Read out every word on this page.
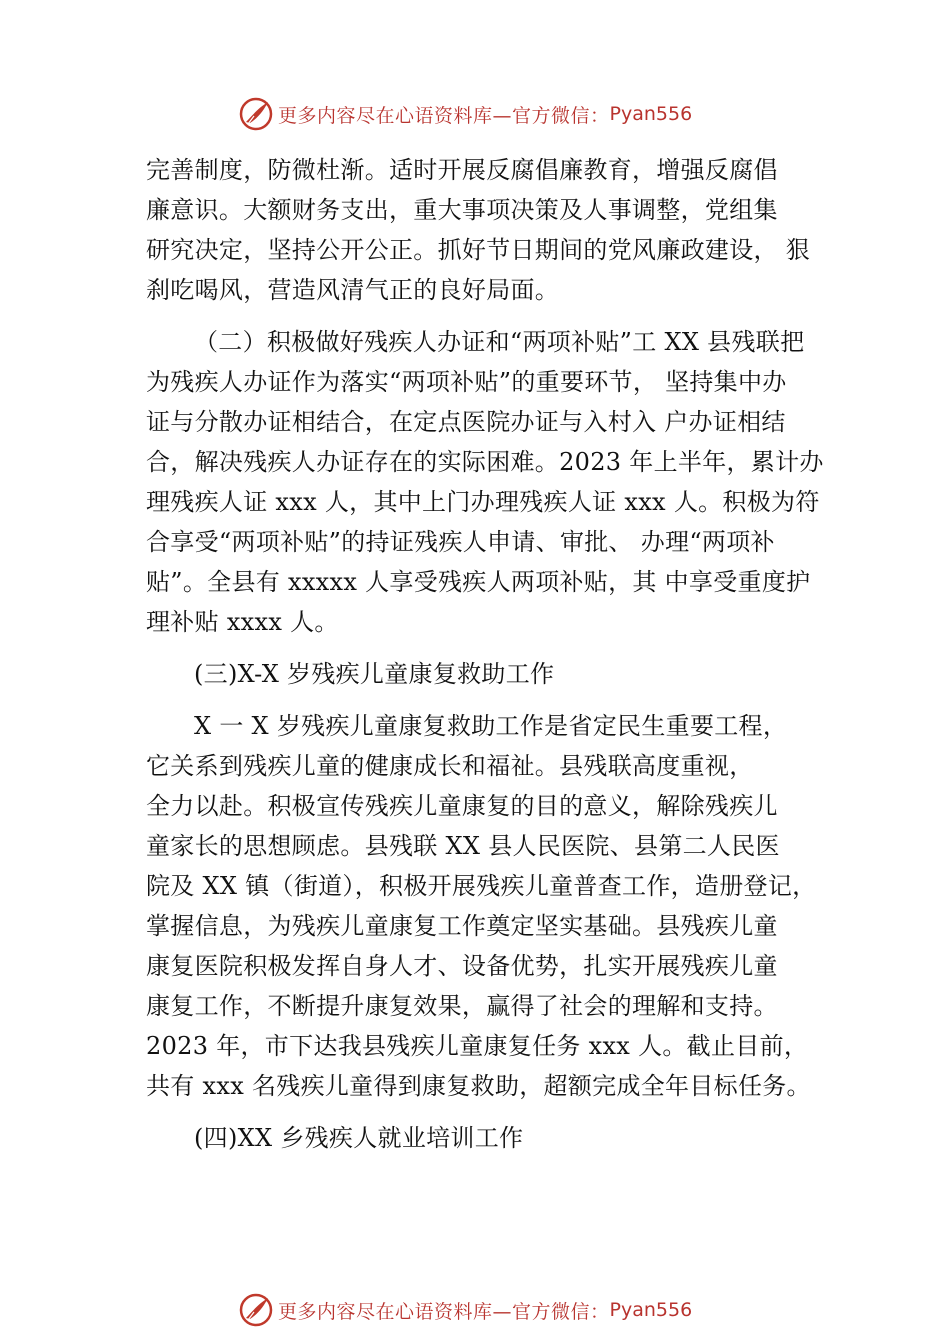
更多内容尽在心语资料库—官方微信： Pyan556
完善制度，防微杜渐。适时开展反腐倡廉教育，增强反腐倡
廉意识。大额财务支出，重大事项决策及人事调整，党组集
研究决定，坚持公开公正。抓好节日期间的党风廉政建设， 狠
刹吃喝风，营造风清气正的良好局面。
（二）积极做好残疾人办证和“两项补贴”工 XX 县残联把
为残疾人办证作为落实“两项补贴”的重要环节， 坚持集中办
证与分散办证相结合，在定点医院办证与入村入 户办证相结
合，解决残疾人办证存在的实际困难。2023 年上半年，累计办
理残疾人证 xxx 人，其中上门办理残疾人证 xxx 人。积极为符
合享受“两项补贴”的持证残疾人申请、审批、 办理“两项补
贴”。全县有 xxxxx 人享受残疾人两项补贴，其 中享受重度护
理补贴 xxxx 人。
(三)X-X 岁残疾儿童康复救助工作
X 一 X 岁残疾儿童康复救助工作是省定民生重要工程，
它关系到残疾儿童的健康成长和福祉。县残联高度重视，
全力以赴。积极宣传残疾儿童康复的目的意义，解除残疾儿
童家长的思想顾虑。县残联 XX 县人民医院、县第二人民医
院及 XX 镇（街道），积极开展残疾儿童普查工作，造册登记，
掌握信息，为残疾儿童康复工作奠定坚实基础。县残疾儿童
康复医院积极发挥自身人才、设备优势，扎实开展残疾儿童
康复工作，不断提升康复效果，赢得了社会的理解和支持。
2023 年，市下达我县残疾儿童康复任务 xxx 人。截止目前，
共有 xxx 名残疾儿童得到康复救助，超额完成全年目标任务。
(四)XX 乡残疾人就业培训工作
更多内容尽在心语资料库—官方微信： Pyan556
